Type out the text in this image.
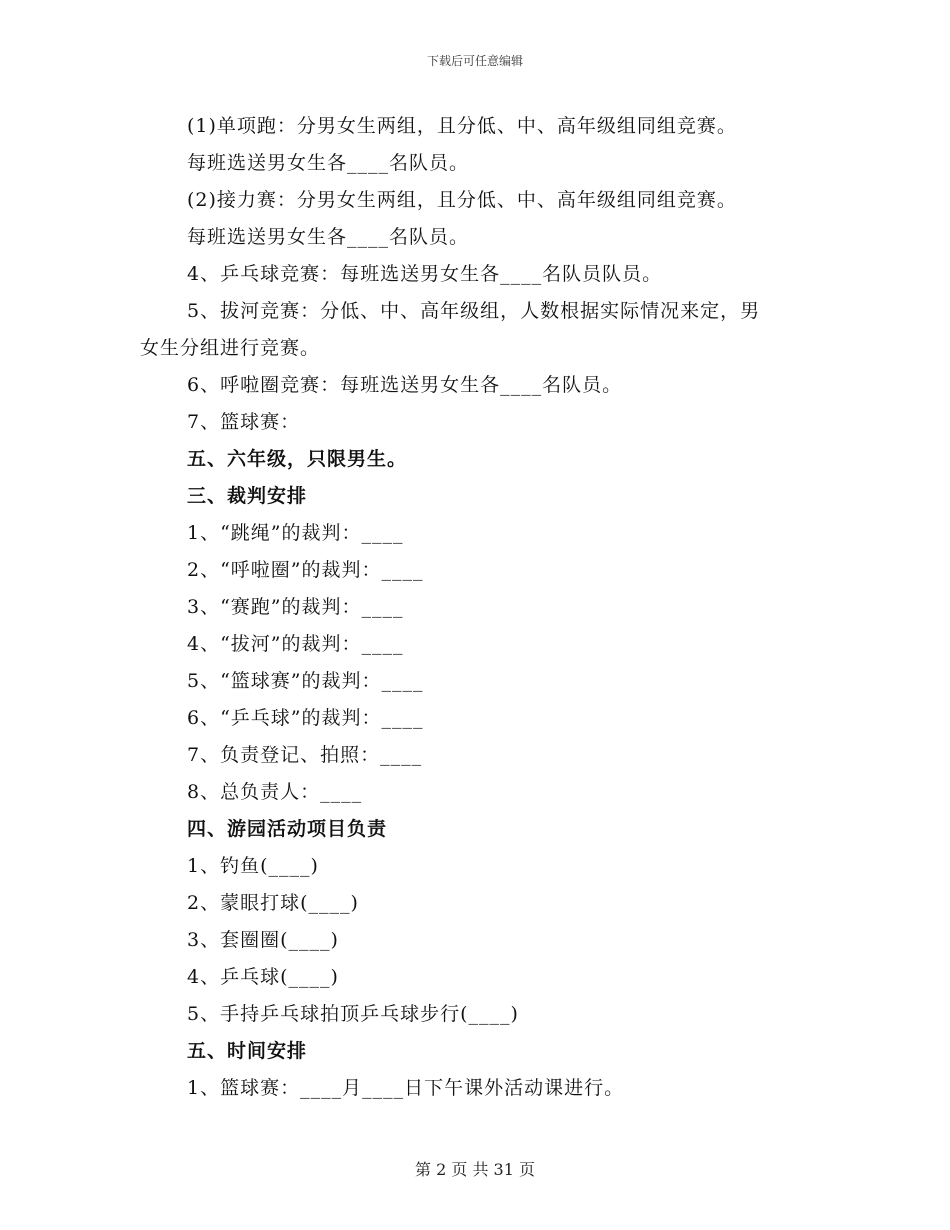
下载后可任意编辑
(1)单项跑：分男女生两组，且分低、中、高年级组同组竞赛。
每班选送男女生各____名队员。
(2)接力赛：分男女生两组，且分低、中、高年级组同组竞赛。
每班选送男女生各____名队员。
4、乒乓球竞赛：每班选送男女生各____名队员队员。
5、拔河竞赛：分低、中、高年级组，人数根据实际情况来定，男
女生分组进行竞赛。
6、呼啦圈竞赛：每班选送男女生各____名队员。
7、篮球赛：
五、六年级，只限男生。
三、裁判安排
1、“跳绳”的裁判：____
2、“呼啦圈”的裁判：____
3、“赛跑”的裁判：____
4、“拔河”的裁判：____
5、“篮球赛”的裁判：____
6、“乒乓球”的裁判：____
7、负责登记、拍照：____
8、总负责人：____
四、游园活动项目负责
1、钓鱼(____)
2、蒙眼打球(____)
3、套圈圈(____)
4、乒乓球(____)
5、手持乒乓球拍顶乒乓球步行(____)
五、时间安排
1、篮球赛：____月____日下午课外活动课进行。
第 2 页 共 31 页
